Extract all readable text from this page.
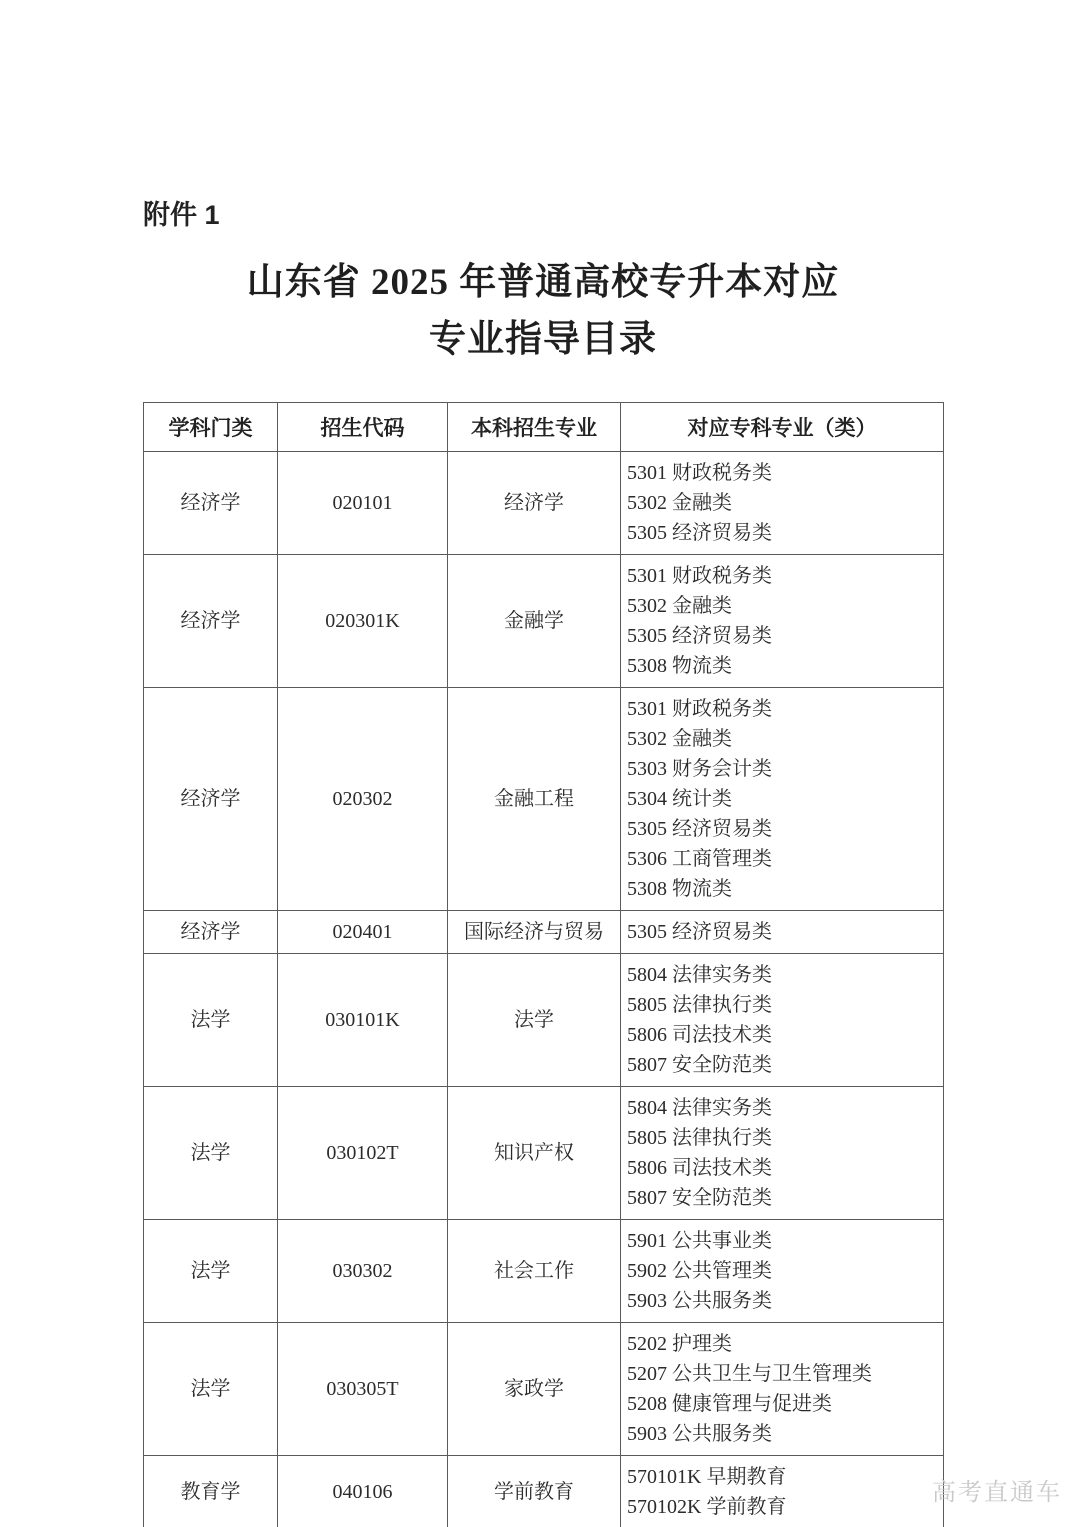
附件 1
山东省 2025 年普通高校专升本对应
专业指导目录
学科门类	招生代码	本科招生专业	对应专科专业（类）
经济学	020101	经济学	5301 财政税务类
5302 金融类
5305 经济贸易类

经济学	020301K	金融学	5301 财政税务类
5302 金融类
5305 经济贸易类
5308 物流类

经济学	020302	金融工程	
5301 财政税务类
5302 金融类
5303 财务会计类
5304 统计类
5305 经济贸易类
5306 工商管理类
5308 物流类

经济学	020401	国际经济与贸易	5305 经济贸易类

法学	030101K	法学	5804 法律实务类
5805 法律执行类
5806 司法技术类
5807 安全防范类

法学	030102T	知识产权	5804 法律实务类
5805 法律执行类
5806 司法技术类
5807 安全防范类

法学	030302	社会工作	5901 公共事业类
5902 公共管理类
5903 公共服务类

法学	030305T	家政学	5202 护理类
5207 公共卫生与卫生管理类
5208 健康管理与促进类
5903 公共服务类

教育学	040106	学前教育	570101K 早期教育
570102K 学前教育
高考直通车
